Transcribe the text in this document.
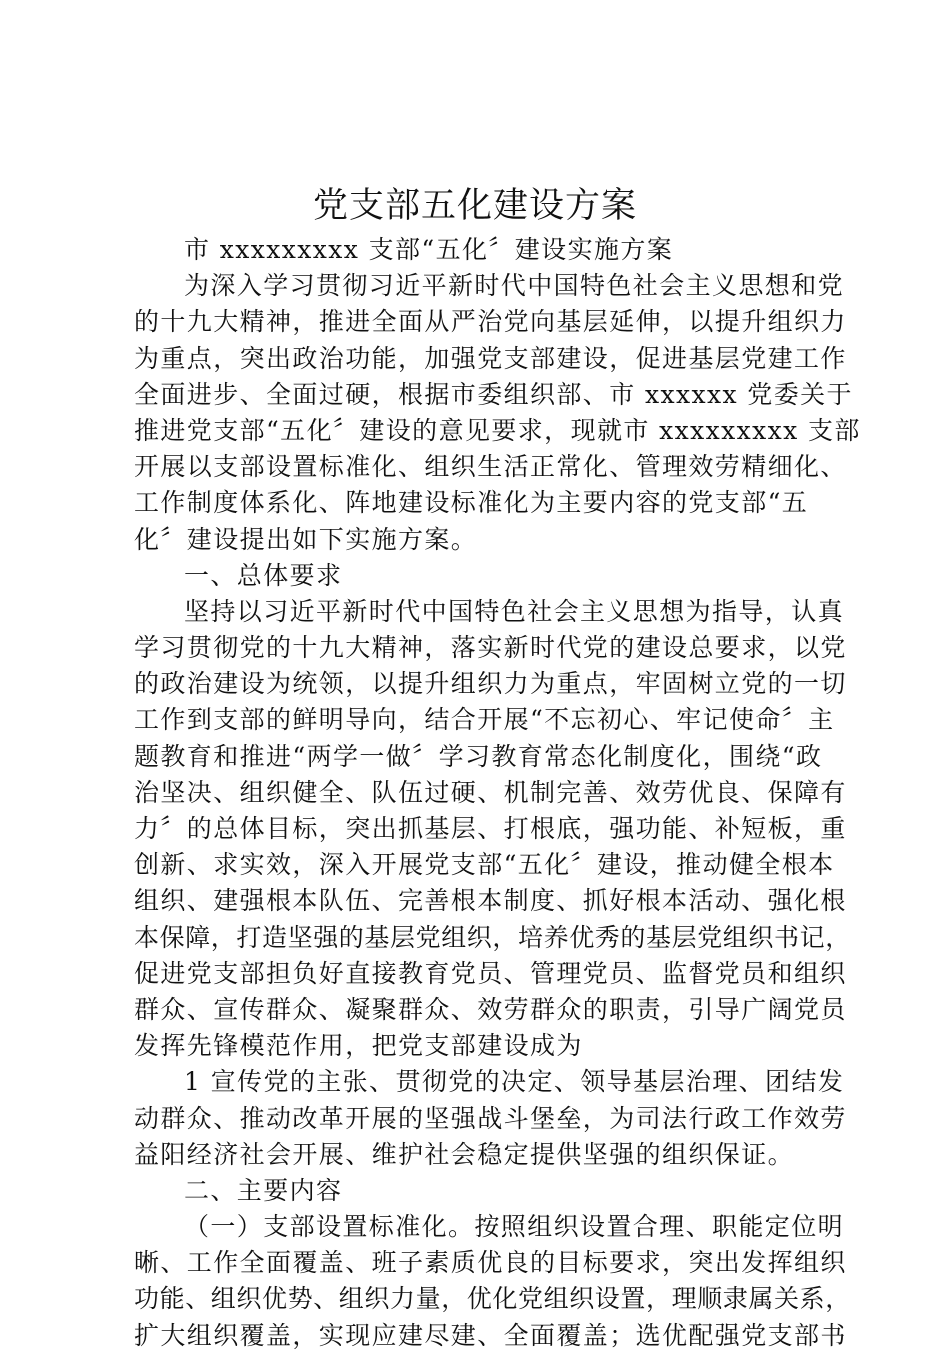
党支部五化建设方案
市 xxxxxxxxx 支部“五化〞建设实施方案
为深入学习贯彻习近平新时代中国特色社会主义思想和党
的十九大精神，推进全面从严治党向基层延伸，以提升组织力
为重点，突出政治功能，加强党支部建设，促进基层党建工作
全面进步、全面过硬，根据市委组织部、市 xxxxxx 党委关于
推进党支部“五化〞建设的意见要求，现就市 xxxxxxxxx 支部
开展以支部设置标准化、组织生活正常化、管理效劳精细化、
工作制度体系化、阵地建设标准化为主要内容的党支部“五
化〞建设提出如下实施方案。
一、总体要求
坚持以习近平新时代中国特色社会主义思想为指导，认真
学习贯彻党的十九大精神，落实新时代党的建设总要求，以党
的政治建设为统领，以提升组织力为重点，牢固树立党的一切
工作到支部的鲜明导向，结合开展“不忘初心、牢记使命〞主
题教育和推进“两学一做〞学习教育常态化制度化，围绕“政
治坚决、组织健全、队伍过硬、机制完善、效劳优良、保障有
力〞的总体目标，突出抓基层、打根底，强功能、补短板，重
创新、求实效，深入开展党支部“五化〞建设，推动健全根本
组织、建强根本队伍、完善根本制度、抓好根本活动、强化根
本保障，打造坚强的基层党组织，培养优秀的基层党组织书记，
促进党支部担负好直接教育党员、管理党员、监督党员和组织
群众、宣传群众、凝聚群众、效劳群众的职责，引导广阔党员
发挥先锋模范作用，把党支部建设成为
1 宣传党的主张、贯彻党的决定、领导基层治理、团结发
动群众、推动改革开展的坚强战斗堡垒，为司法行政工作效劳
益阳经济社会开展、维护社会稳定提供坚强的组织保证。
二、主要内容
（一）支部设置标准化。按照组织设置合理、职能定位明
晰、工作全面覆盖、班子素质优良的目标要求，突出发挥组织
功能、组织优势、组织力量，优化党组织设置，理顺隶属关系，
扩大组织覆盖，实现应建尽建、全面覆盖；选优配强党支部书
